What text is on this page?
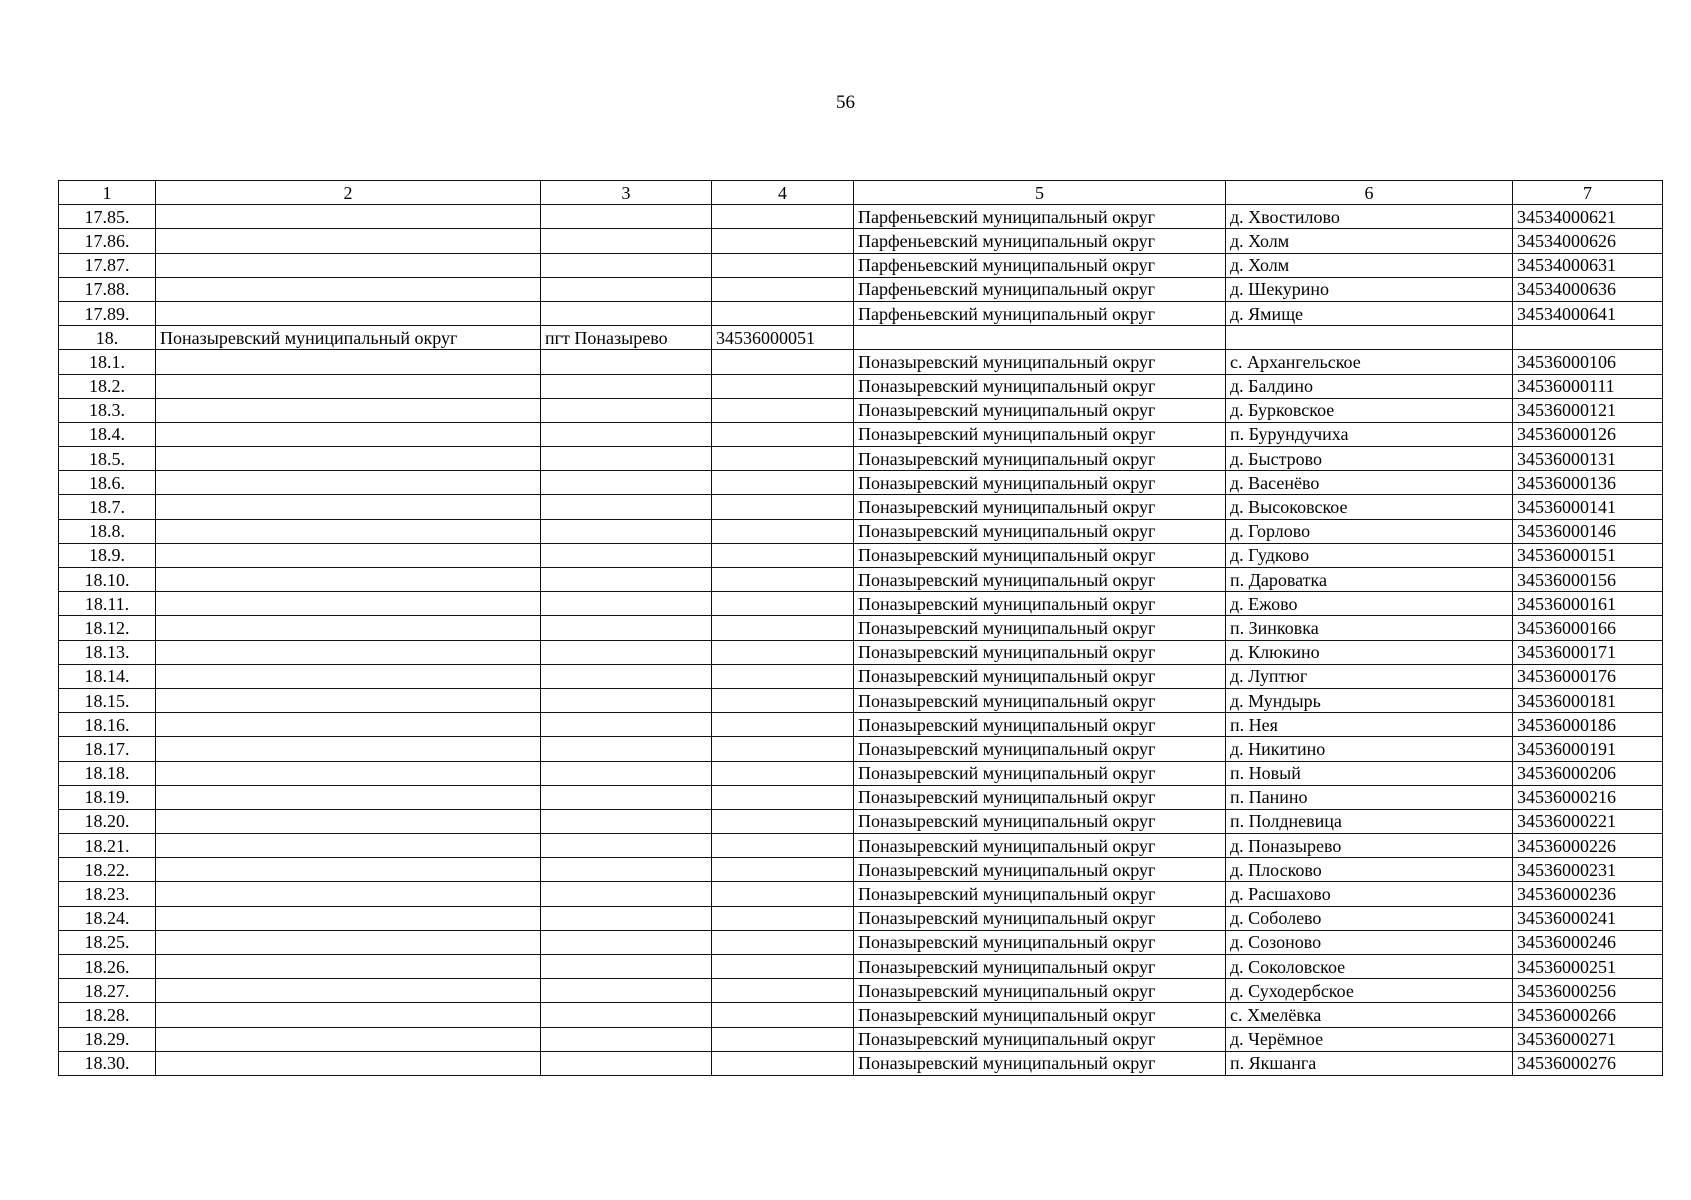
56
1	2	3	4	5	6	7
17.85.				Парфеньевский муниципальный округ	д. Хвостилово	34534000621
17.86.				Парфеньевский муниципальный округ	д. Холм	34534000626
17.87.				Парфеньевский муниципальный округ	д. Холм	34534000631
17.88.				Парфеньевский муниципальный округ	д. Шекурино	34534000636
17.89.				Парфеньевский муниципальный округ	д. Ямище	34534000641
18.	Поназыревский муниципальный округ	пгт Поназырево	34536000051			
18.1.				Поназыревский муниципальный округ	с. Архангельское	34536000106
18.2.				Поназыревский муниципальный округ	д. Балдино	34536000111
18.3.				Поназыревский муниципальный округ	д. Бурковское	34536000121
18.4.				Поназыревский муниципальный округ	п. Бурундучиха	34536000126
18.5.				Поназыревский муниципальный округ	д. Быстрово	34536000131
18.6.				Поназыревский муниципальный округ	д. Васенёво	34536000136
18.7.				Поназыревский муниципальный округ	д. Высоковское	34536000141
18.8.				Поназыревский муниципальный округ	д. Горлово	34536000146
18.9.				Поназыревский муниципальный округ	д. Гудково	34536000151
18.10.				Поназыревский муниципальный округ	п. Дароватка	34536000156
18.11.				Поназыревский муниципальный округ	д. Ежово	34536000161
18.12.				Поназыревский муниципальный округ	п. Зинковка	34536000166
18.13.				Поназыревский муниципальный округ	д. Клюкино	34536000171
18.14.				Поназыревский муниципальный округ	д. Луптюг	34536000176
18.15.				Поназыревский муниципальный округ	д. Мундырь	34536000181
18.16.				Поназыревский муниципальный округ	п. Нея	34536000186
18.17.				Поназыревский муниципальный округ	д. Никитино	34536000191
18.18.				Поназыревский муниципальный округ	п. Новый	34536000206
18.19.				Поназыревский муниципальный округ	п. Панино	34536000216
18.20.				Поназыревский муниципальный округ	п. Полдневица	34536000221
18.21.				Поназыревский муниципальный округ	д. Поназырево	34536000226
18.22.				Поназыревский муниципальный округ	д. Плосково	34536000231
18.23.				Поназыревский муниципальный округ	д. Расшахово	34536000236
18.24.				Поназыревский муниципальный округ	д. Соболево	34536000241
18.25.				Поназыревский муниципальный округ	д. Созоново	34536000246
18.26.				Поназыревский муниципальный округ	д. Соколовское	34536000251
18.27.				Поназыревский муниципальный округ	д. Суходербское	34536000256
18.28.				Поназыревский муниципальный округ	с. Хмелёвка	34536000266
18.29.				Поназыревский муниципальный округ	д. Черёмное	34536000271
18.30.				Поназыревский муниципальный округ	п. Якшанга	34536000276
